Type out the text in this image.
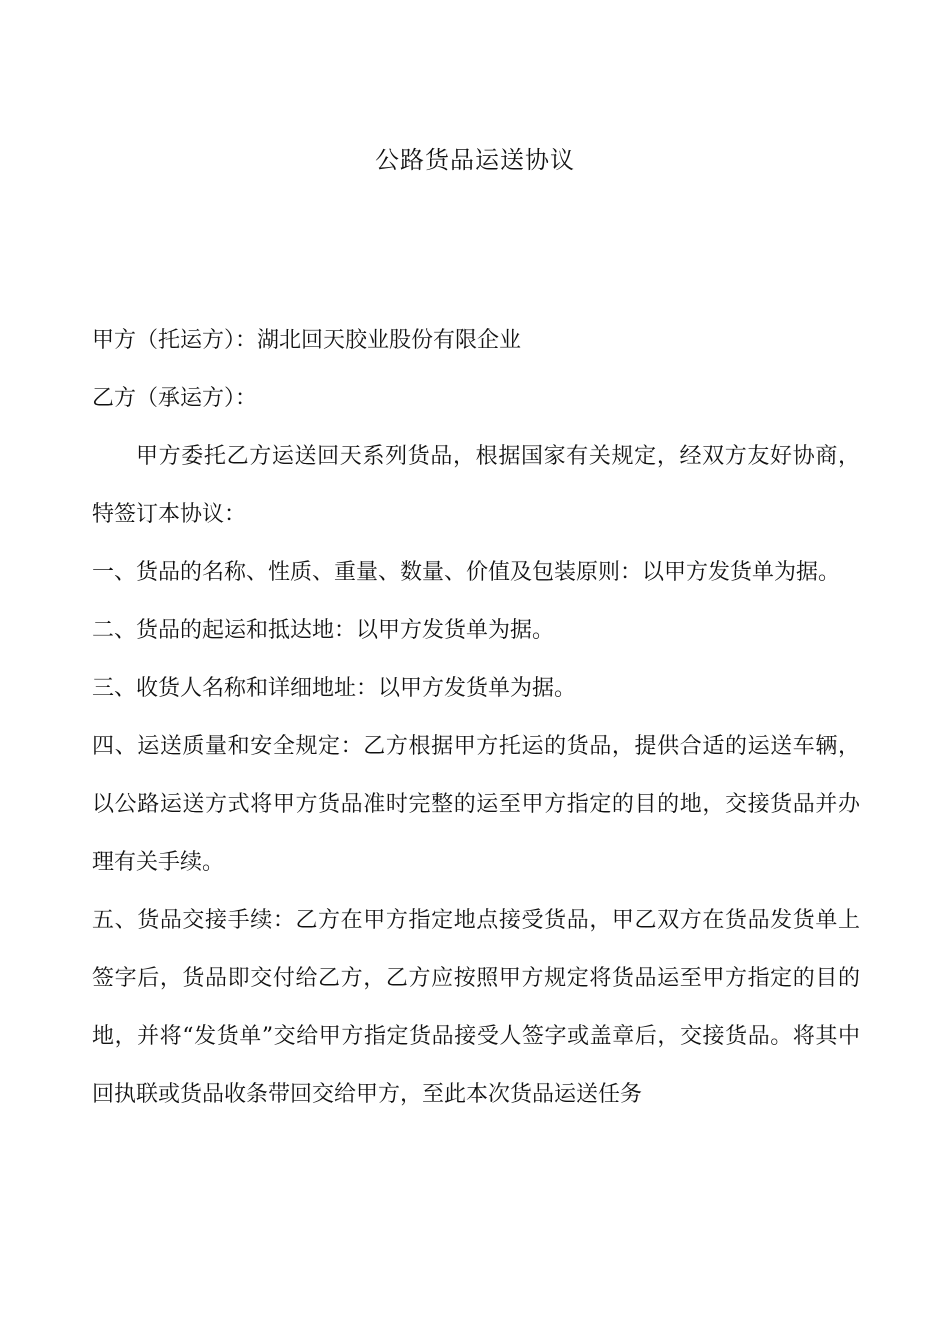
公路货品运送协议

甲方（托运方）：湖北回天胶业股份有限企业

乙方（承运方）：

甲方委托乙方运送回天系列货品，根据国家有关规定，经双方友好协商，特签订本协议：

一、货品的名称、性质、重量、数量、价值及包装原则：以甲方发货单为据。

二、货品的起运和抵达地：以甲方发货单为据。

三、收货人名称和详细地址：以甲方发货单为据。

四、运送质量和安全规定：乙方根据甲方托运的货品，提供合适的运送车辆，以公路运送方式将甲方货品准时完整的运至甲方指定的目的地，交接货品并办理有关手续。

五、货品交接手续：乙方在甲方指定地点接受货品，甲乙双方在货品发货单上签字后，货品即交付给乙方，乙方应按照甲方规定将货品运至甲方指定的目的地，并将“发货单”交给甲方指定货品接受人签字或盖章后，交接货品。将其中回执联或货品收条带回交给甲方，至此本次货品运送任务
